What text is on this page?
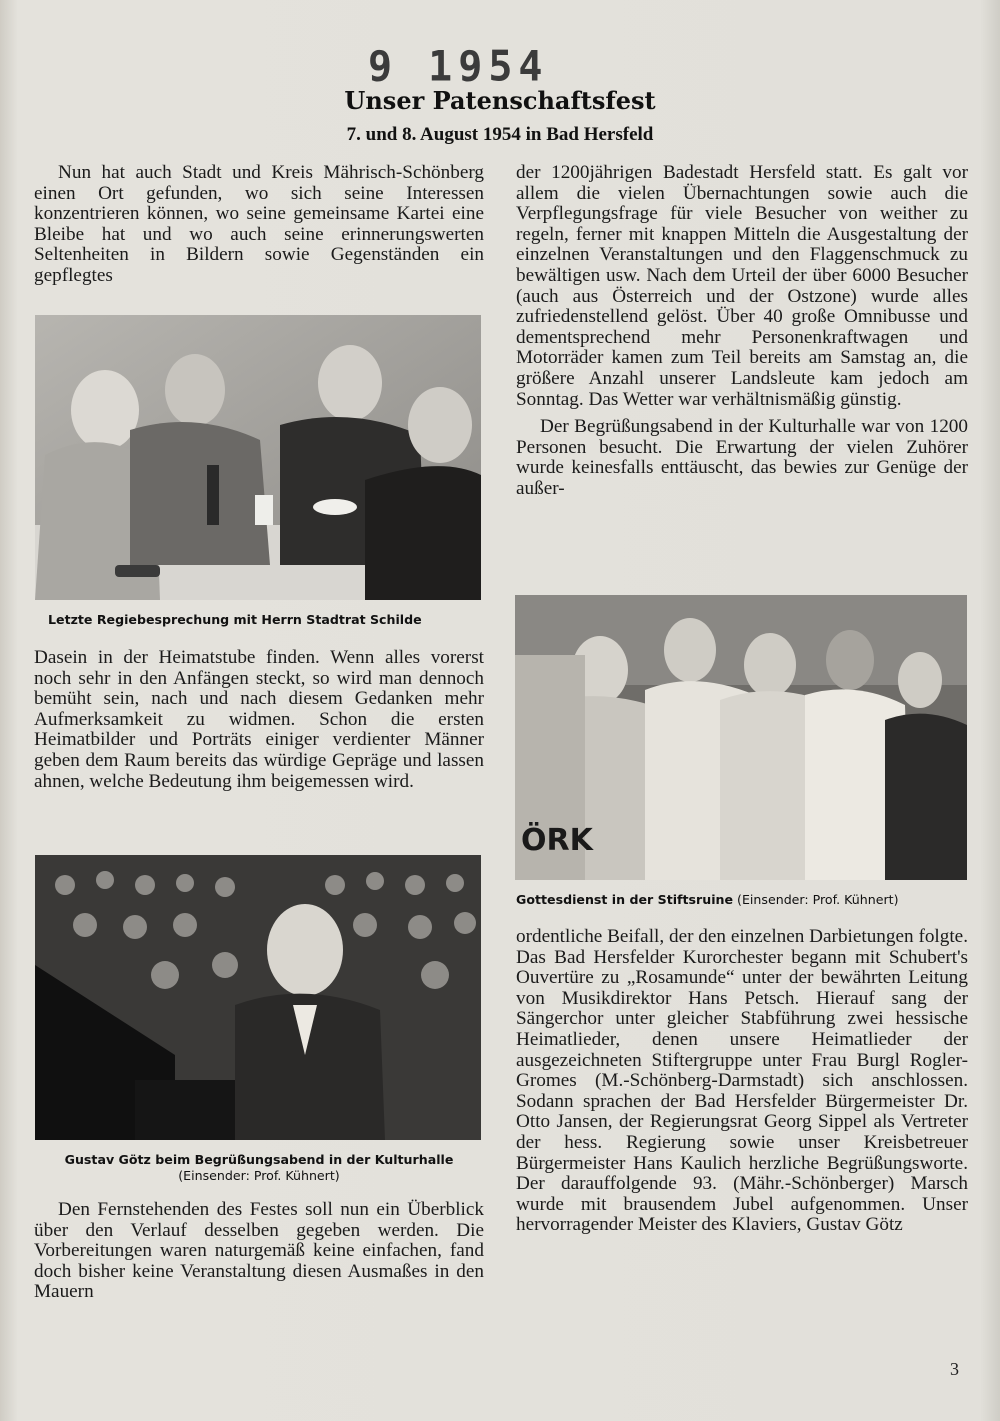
9 1954
Unser Patenschaftsfest
7. und 8. August 1954 in Bad Hersfeld

Nun hat auch Stadt und Kreis Mährisch-Schönberg einen Ort gefunden, wo sich seine Interessen konzentrieren können, wo seine gemeinsame Kartei eine Bleibe hat und wo auch seine erinnerungswerten Seltenheiten in Bildern sowie Gegenständen ein gepflegtes

Letzte Regiebesprechung mit Herrn Stadtrat Schilde

Dasein in der Heimatstube finden. Wenn alles vorerst noch sehr in den Anfängen steckt, so wird man dennoch bemüht sein, nach und nach diesem Gedanken mehr Aufmerksamkeit zu widmen. Schon die ersten Heimatbilder und Porträts einiger verdienter Männer geben dem Raum bereits das würdige Gepräge und lassen ahnen, welche Bedeutung ihm beigemessen wird.

Gustav Götz beim Begrüßungsabend in der Kulturhalle
(Einsender: Prof. Kühnert)

Den Fernstehenden des Festes soll nun ein Überblick über den Verlauf desselben gegeben werden. Die Vorbereitungen waren naturgemäß keine einfachen, fand doch bisher keine Veranstaltung diesen Ausmaßes in den Mauern

der 1200jährigen Badestadt Hersfeld statt. Es galt vor allem die vielen Übernachtungen sowie auch die Verpflegungsfrage für viele Besucher von weither zu regeln, ferner mit knappen Mitteln die Ausgestaltung der einzelnen Veranstaltungen und den Flaggenschmuck zu bewältigen usw. Nach dem Urteil der über 6000 Besucher (auch aus Österreich und der Ostzone) wurde alles zufriedenstellend gelöst. Über 40 große Omnibusse und dementsprechend mehr Personenkraftwagen und Motorräder kamen zum Teil bereits am Samstag an, die größere Anzahl unserer Landsleute kam jedoch am Sonntag. Das Wetter war verhältnismäßig günstig.

Der Begrüßungsabend in der Kulturhalle war von 1200 Personen besucht. Die Erwartung der vielen Zuhörer wurde keinesfalls enttäuscht, das bewies zur Genüge der außer-

ÖRK
Gottesdienst in der Stiftsruine (Einsender: Prof. Kühnert)

ordentliche Beifall, der den einzelnen Darbietungen folgte. Das Bad Hersfelder Kurorchester begann mit Schubert's Ouvertüre zu „Rosamunde“ unter der bewährten Leitung von Musikdirektor Hans Petsch. Hierauf sang der Sängerchor unter gleicher Stabführung zwei hessische Heimatlieder, denen unsere Heimatlieder der ausgezeichneten Stiftergruppe unter Frau Burgl Rogler-Gromes (M.-Schönberg-Darmstadt) sich anschlossen. Sodann sprachen der Bad Hersfelder Bürgermeister Dr. Otto Jansen, der Regierungsrat Georg Sippel als Vertreter der hess. Regierung sowie unser Kreisbetreuer Bürgermeister Hans Kaulich herzliche Begrüßungsworte. Der darauffolgende 93. (Mähr.-Schönberger) Marsch wurde mit brausendem Jubel aufgenommen. Unser hervorragender Meister des Klaviers, Gustav Götz

3
